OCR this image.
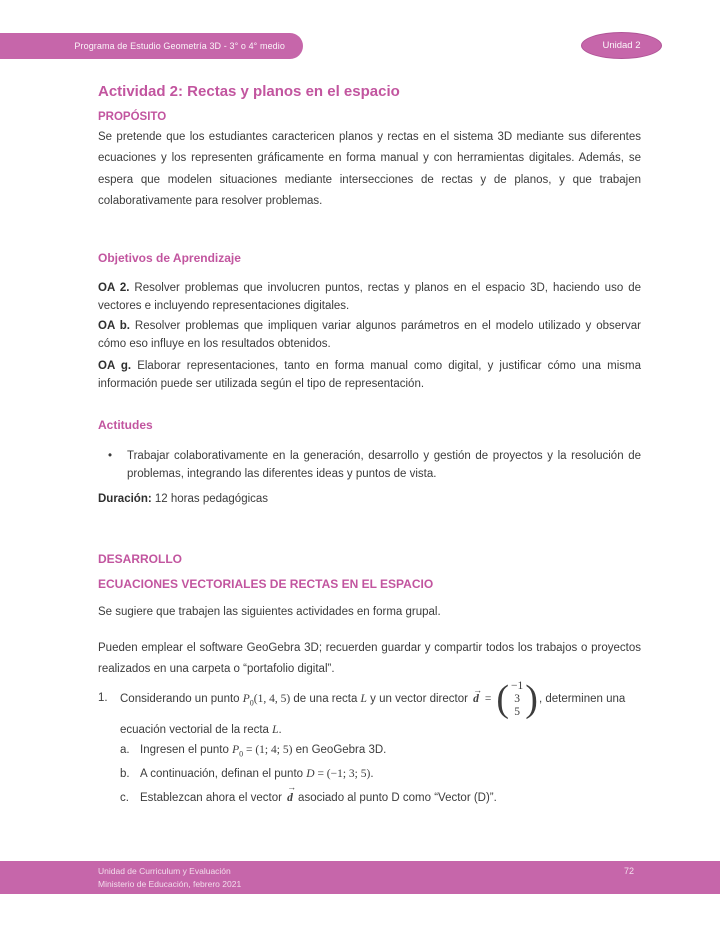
Programa de Estudio Geometría 3D - 3° o 4° medio	Unidad 2
Actividad 2: Rectas y planos en el espacio
PROPÓSITO

Se pretende que los estudiantes caractericen planos y rectas en el sistema 3D mediante sus diferentes ecuaciones y los representen gráficamente en forma manual y con herramientas digitales. Además, se espera que modelen situaciones mediante intersecciones de rectas y de planos, y que trabajen colaborativamente para resolver problemas.

Objetivos de Aprendizaje

OA 2. Resolver problemas que involucren puntos, rectas y planos en el espacio 3D, haciendo uso de vectores e incluyendo representaciones digitales.

OA b. Resolver problemas que impliquen variar algunos parámetros en el modelo utilizado y observar cómo eso influye en los resultados obtenidos.

OA g. Elaborar representaciones, tanto en forma manual como digital, y justificar cómo una misma información puede ser utilizada según el tipo de representación.

Actitudes
•	Trabajar colaborativamente en la generación, desarrollo y gestión de proyectos y la resolución de problemas, integrando las diferentes ideas y puntos de vista.

Duración: 12 horas pedagógicas

DESARROLLO
ECUACIONES VECTORIALES DE RECTAS EN EL ESPACIO

Se sugiere que trabajen las siguientes actividades en forma grupal.

Pueden emplear el software GeoGebra 3D; recuerden guardar y compartir todos los trabajos o proyectos realizados en una carpeta o “portafolio digital”.

1.	Considerando un punto $P_0(1$, 4, 5) de una recta L y un vector director
→
d = ( −1
3
5 ) , determinen una
ecuación vectorial de la recta L.
a. Ingresen el punto $P_0 = (1$; 4; 5) en GeoGebra 3D.
b. A continuación, definan el punto D = (−1; 3; 5).
c. Establezcan ahora el vector
→
d asociado al punto D como “Vector (D)”.
Unidad de Curriculum y Evaluación
Ministerio de Educación, febrero 2021
72
